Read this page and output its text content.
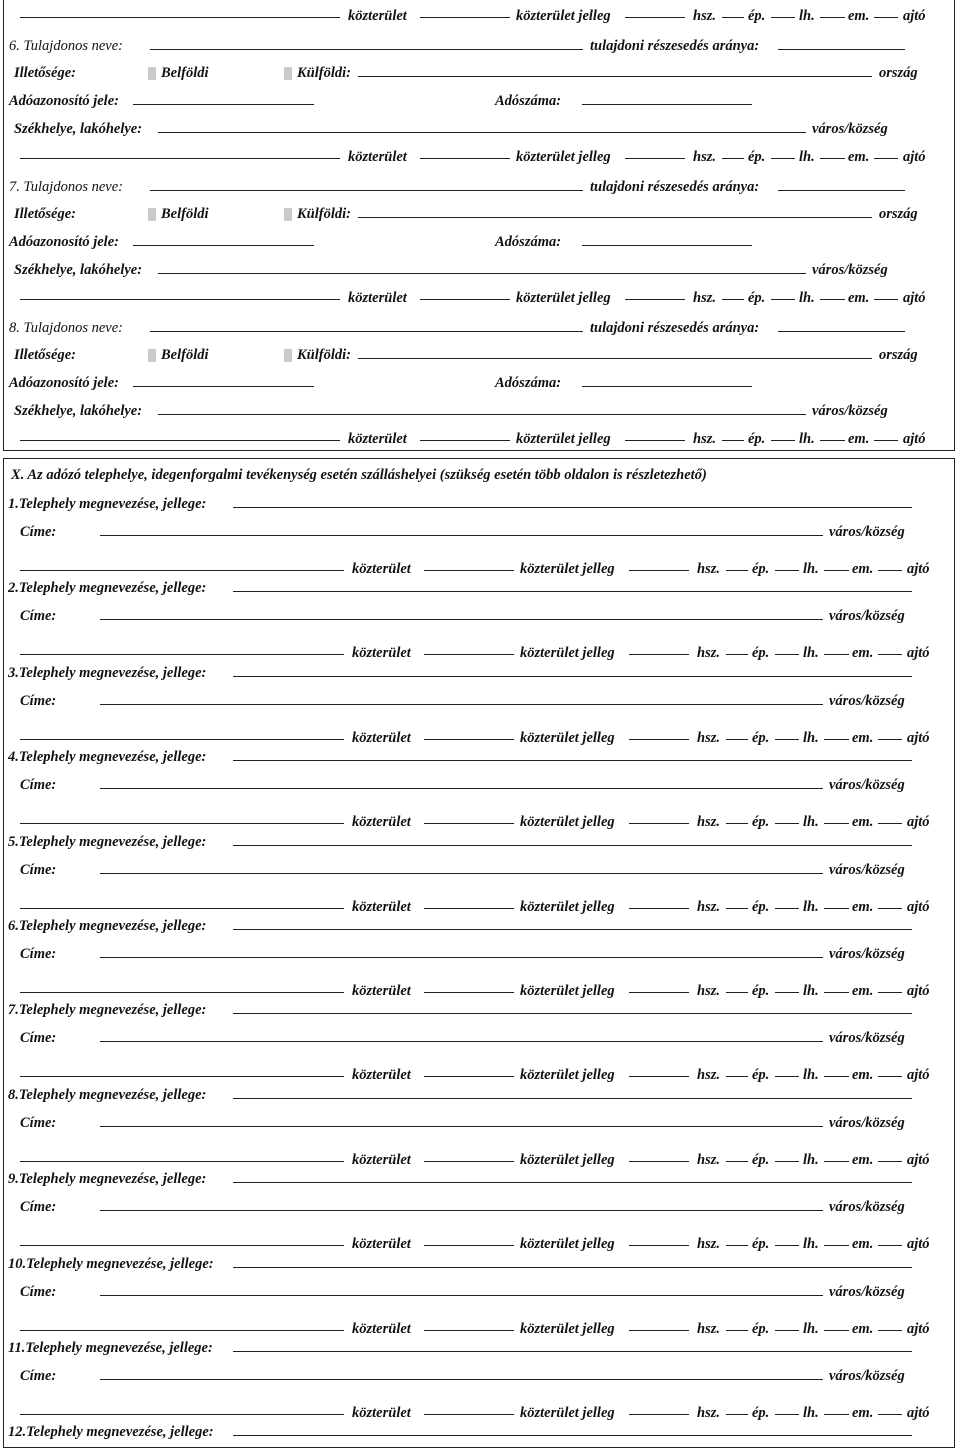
közterület	közterület jelleg	hsz. ép. lh. em. ajtó
6. Tulajdonos neve:	tulajdoni részesedés aránya:
Illetősége:	Belföldi	Külföldi:	ország
Adóazonosító jele:	Adószáma:
Székhelye, lakóhelye:	város/község
közterület	közterület jelleg	hsz. ép. lh. em. ajtó
7. Tulajdonos neve:	tulajdoni részesedés aránya:
Illetősége:	Belföldi	Külföldi:	ország
Adóazonosító jele:	Adószáma:
Székhelye, lakóhelye:	város/község
közterület	közterület jelleg	hsz. ép. lh. em. ajtó
8. Tulajdonos neve:	tulajdoni részesedés aránya:
Illetősége:	Belföldi	Külföldi:	ország
Adóazonosító jele:	Adószáma:
Székhelye, lakóhelye:	város/község
közterület	közterület jelleg	hsz. ép. lh. em. ajtó
X. Az adózó telephelye, idegenforgalmi tevékenység esetén szálláshelyei (szükség esetén több oldalon is részletezhető)
1.Telephely megnevezése, jellege:
Címe:	város/község
közterület	közterület jelleg	hsz. ép. lh. em. ajtó
2.Telephely megnevezése, jellege:
Címe:	város/község
közterület	közterület jelleg	hsz. ép. lh. em. ajtó
3.Telephely megnevezése, jellege:
Címe:	város/község
közterület	közterület jelleg	hsz. ép. lh. em. ajtó
4.Telephely megnevezése, jellege:
Címe:	város/község
közterület	közterület jelleg	hsz. ép. lh. em. ajtó
5.Telephely megnevezése, jellege:
Címe:	város/község
közterület	közterület jelleg	hsz. ép. lh. em. ajtó
6.Telephely megnevezése, jellege:
Címe:	város/község
közterület	közterület jelleg	hsz. ép. lh. em. ajtó
7.Telephely megnevezése, jellege:
Címe:	város/község
közterület	közterület jelleg	hsz. ép. lh. em. ajtó
8.Telephely megnevezése, jellege:
Címe:	város/község
közterület	közterület jelleg	hsz. ép. lh. em. ajtó
9.Telephely megnevezése, jellege:
Címe:	város/község
közterület	közterület jelleg	hsz. ép. lh. em. ajtó
10.Telephely megnevezése, jellege:
Címe:	város/község
közterület	közterület jelleg	hsz. ép. lh. em. ajtó
11.Telephely megnevezése, jellege:
Címe:	város/község
közterület	közterület jelleg	hsz. ép. lh. em. ajtó
12.Telephely megnevezése, jellege:
